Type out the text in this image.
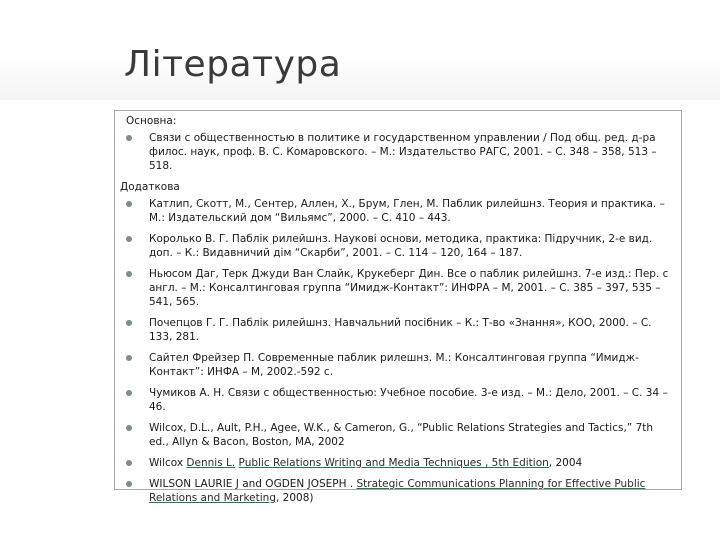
Література
Основна:
Связи с общественностью в политике и государственном управлении / Под общ. ред. д-ра филос. наук, проф. В. С. Комаровского. – М.: Издательство РАГС, 2001. – С. 348 – 358, 513 – 518.
Додаткова
Катлип, Скотт, М., Сентер, Аллен, Х., Брум, Глен, М. Паблик рилейшнз. Теория и практика. – М.: Издательский дом “Вильямс”, 2000. – С. 410 – 443.
Королько В. Г. Паблік рилейшнз. Наукові основи, методика, практика: Підручник, 2-е вид. доп. – К.: Видавничий дім “Скарби”, 2001. – С. 114 – 120, 164 – 187.
Ньюсом Даг, Терк Джуди Ван Слайк, Крукеберг Дин. Все о паблик рилейшнз. 7-е изд.: Пер. с англ. – М.: Консалтинговая группа “Имидж-Контакт”: ИНФРА – М, 2001. – С. 385 – 397, 535 – 541, 565.
Почепцов Г. Г. Паблік рилейшнз. Навчальний посібник – К.: Т-во «Знання», КОО, 2000. – С. 133, 281.
Сайтел Фрейзер П. Современные паблик рилешнз. М.: Консалтинговая группа “Имидж-Контакт”: ИНФА – М, 2002.-592 с.
Чумиков А. Н. Связи с общественностью: Учебное пособие. 3-е изд. – М.: Дело, 2001. – С. 34 – 46.
Wilcox, D.L., Ault, P.H., Agee, W.K., & Cameron, G., “Public Relations Strategies and Tactics,” 7th ed., Allyn & Bacon, Boston, MA, 2002
Wilcox Dennis L. Public Relations Writing and Media Techniques , 5th Edition, 2004
WILSON LAURIE J and OGDEN JOSEPH . Strategic Communications Planning for Effective Public Relations and Marketing, 2008)
